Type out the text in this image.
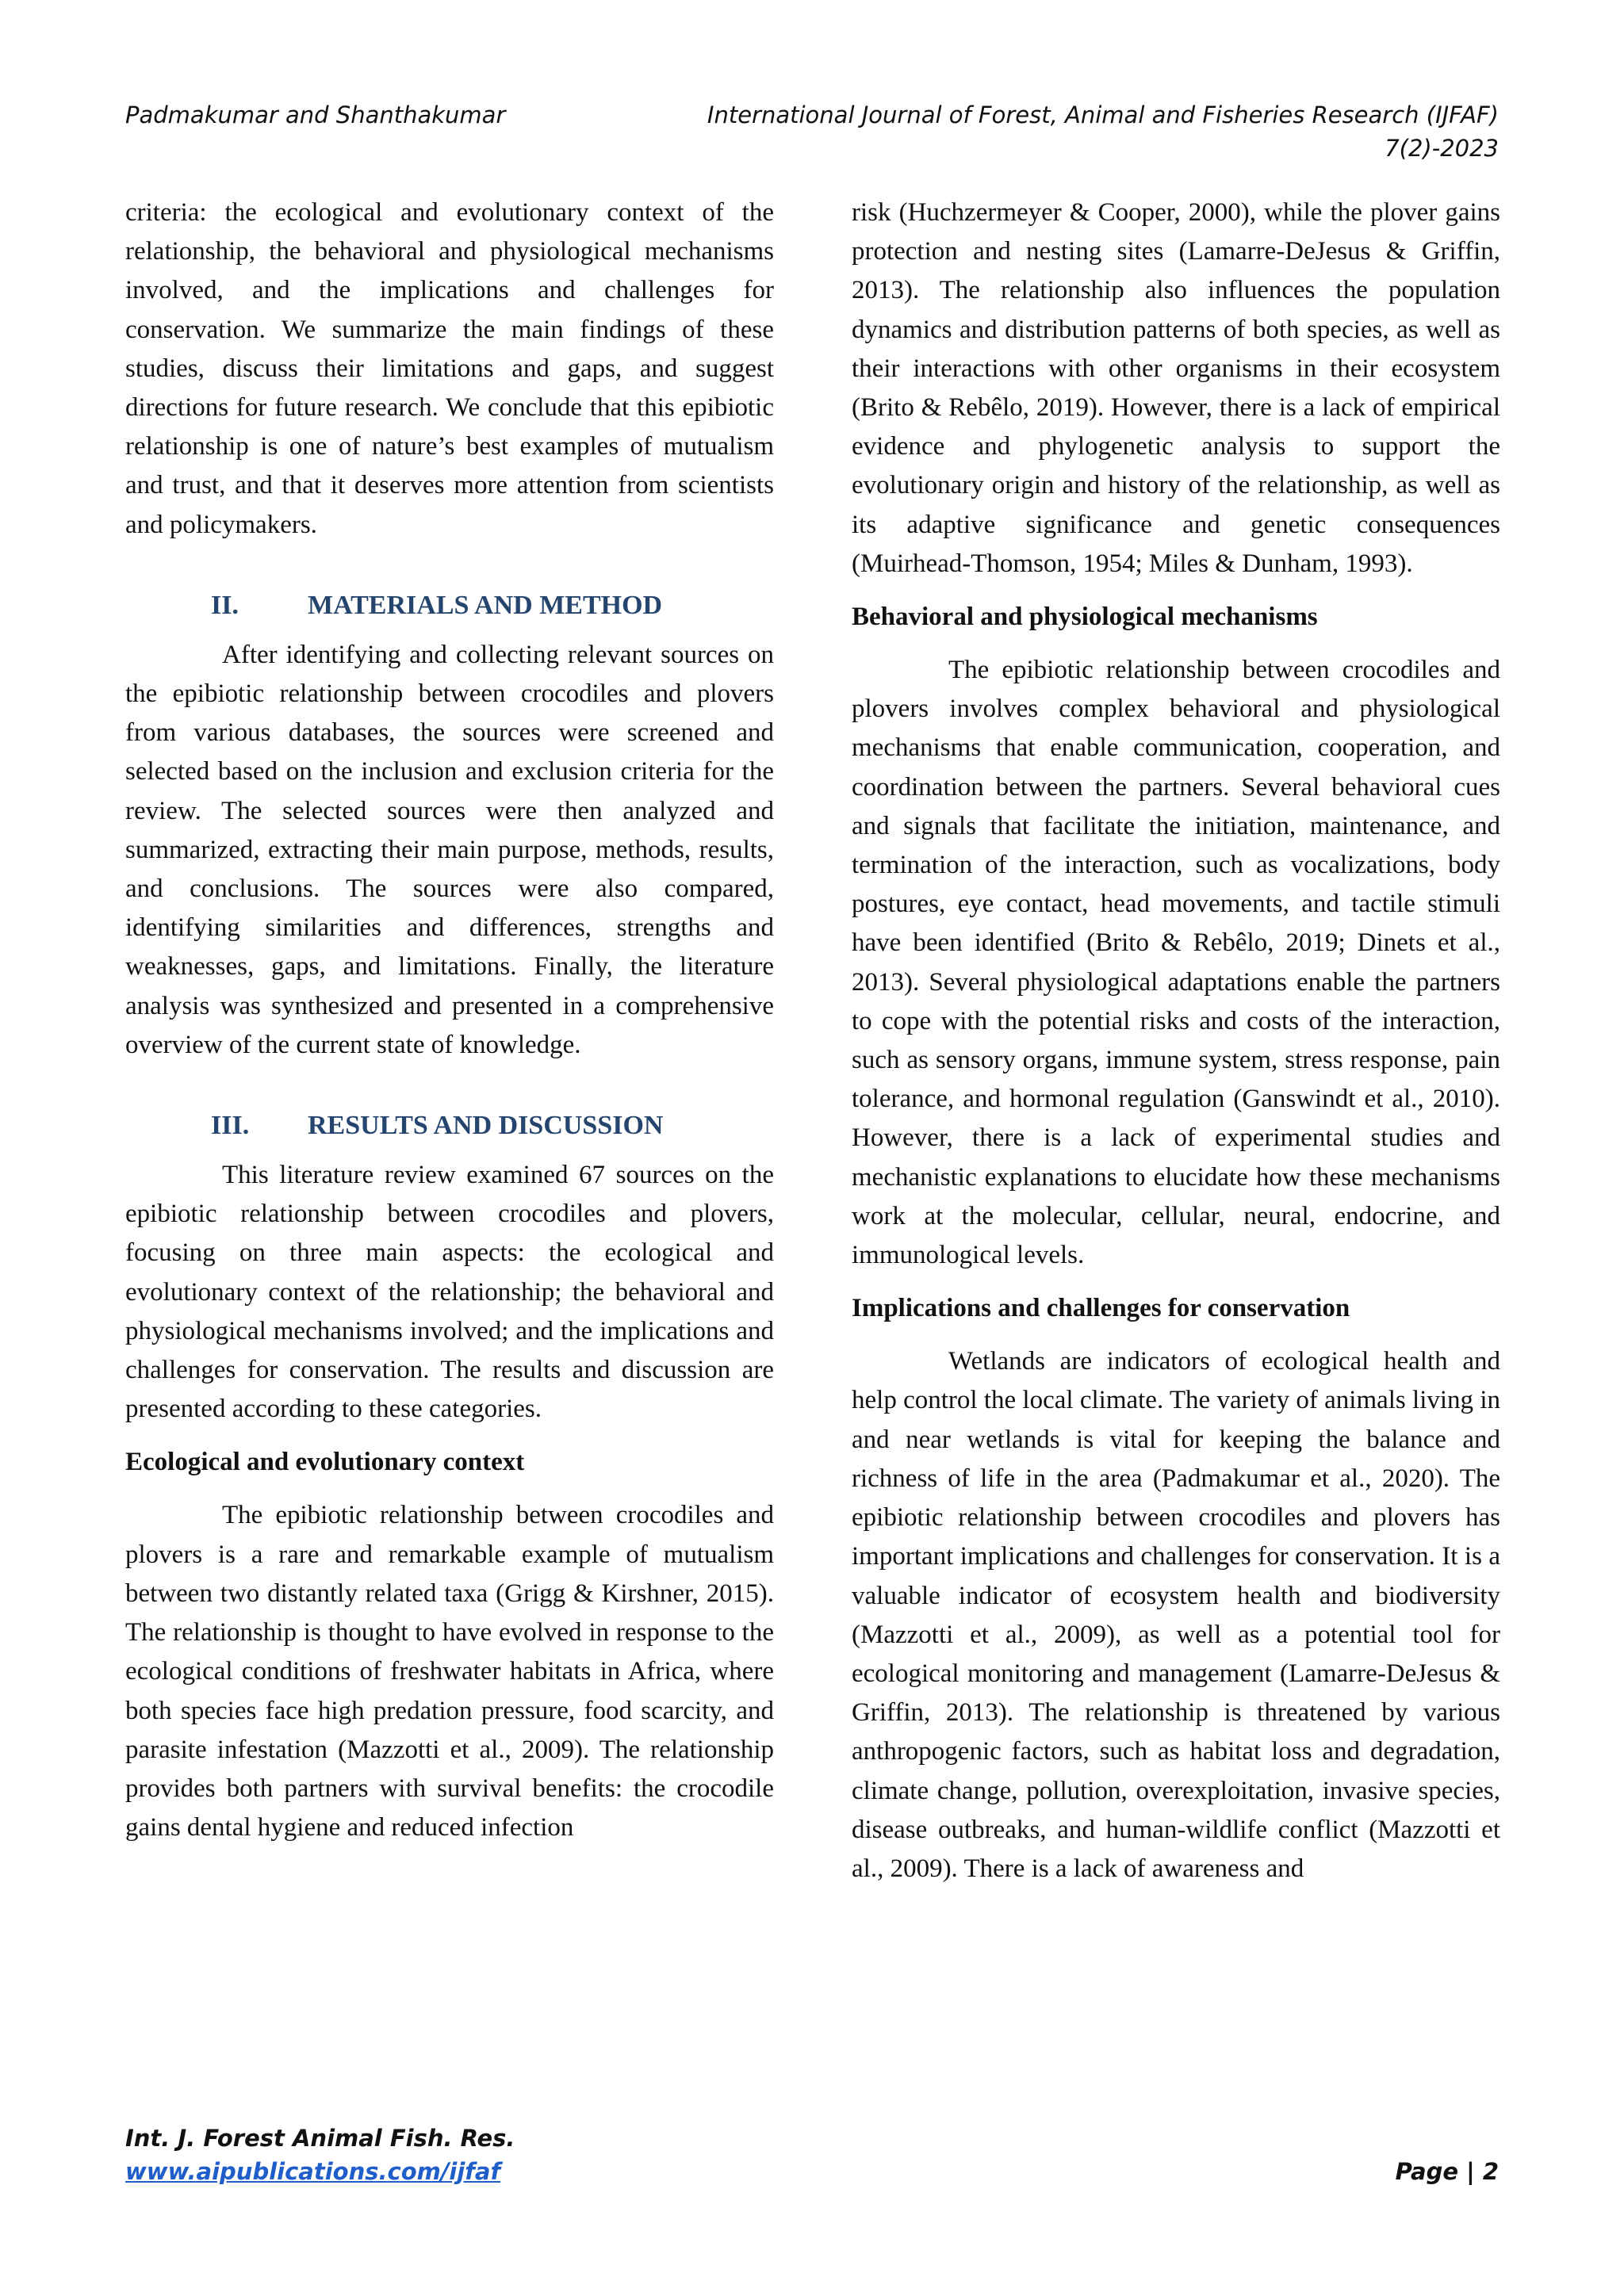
Padmakumar and Shanthakumar	International Journal of Forest, Animal and Fisheries Research (IJFAF)
7(2)-2023

criteria: the ecological and evolutionary context of the relationship, the behavioral and physiological mechanisms involved, and the implications and challenges for conservation. We summarize the main findings of these studies, discuss their limitations and gaps, and suggest directions for future research. We conclude that this epibiotic relationship is one of nature’s best examples of mutualism and trust, and that it deserves more attention from scientists and policymakers.

II.	MATERIALS AND METHOD

After identifying and collecting relevant sources on the epibiotic relationship between crocodiles and plovers from various databases, the sources were screened and selected based on the inclusion and exclusion criteria for the review. The selected sources were then analyzed and summarized, extracting their main purpose, methods, results, and conclusions. The sources were also compared, identifying similarities and differences, strengths and weaknesses, gaps, and limitations. Finally, the literature analysis was synthesized and presented in a comprehensive overview of the current state of knowledge.

III. RESULTS AND DISCUSSION

This literature review examined 67 sources on the epibiotic relationship between crocodiles and plovers, focusing on three main aspects: the ecological and evolutionary context of the relationship; the behavioral and physiological mechanisms involved; and the implications and challenges for conservation. The results and discussion are presented according to these categories.

Ecological and evolutionary context

The epibiotic relationship between crocodiles and plovers is a rare and remarkable example of mutualism between two distantly related taxa (Grigg & Kirshner, 2015). The relationship is thought to have evolved in response to the ecological conditions of freshwater habitats in Africa, where both species face high predation pressure, food scarcity, and parasite infestation (Mazzotti et al., 2009). The relationship provides both partners with survival benefits: the crocodile gains dental hygiene and reduced infection

risk (Huchzermeyer & Cooper, 2000), while the plover gains protection and nesting sites (Lamarre-DeJesus & Griffin, 2013). The relationship also influences the population dynamics and distribution patterns of both species, as well as their interactions with other organisms in their ecosystem (Brito & Rebêlo, 2019). However, there is a lack of empirical evidence and phylogenetic analysis to support the evolutionary origin and history of the relationship, as well as its adaptive significance and genetic consequences (Muirhead-Thomson, 1954; Miles & Dunham, 1993).

Behavioral and physiological mechanisms

The epibiotic relationship between crocodiles and plovers involves complex behavioral and physiological mechanisms that enable communication, cooperation, and coordination between the partners. Several behavioral cues and signals that facilitate the initiation, maintenance, and termination of the interaction, such as vocalizations, body postures, eye contact, head movements, and tactile stimuli have been identified (Brito & Rebêlo, 2019; Dinets et al., 2013). Several physiological adaptations enable the partners to cope with the potential risks and costs of the interaction, such as sensory organs, immune system, stress response, pain tolerance, and hormonal regulation (Ganswindt et al., 2010). However, there is a lack of experimental studies and mechanistic explanations to elucidate how these mechanisms work at the molecular, cellular, neural, endocrine, and immunological levels.

Implications and challenges for conservation

Wetlands are indicators of ecological health and help control the local climate. The variety of animals living in and near wetlands is vital for keeping the balance and richness of life in the area (Padmakumar et al., 2020). The epibiotic relationship between crocodiles and plovers has important implications and challenges for conservation. It is a valuable indicator of ecosystem health and biodiversity (Mazzotti et al., 2009), as well as a potential tool for ecological monitoring and management (Lamarre-DeJesus & Griffin, 2013). The relationship is threatened by various anthropogenic factors, such as habitat loss and degradation, climate change, pollution, overexploitation, invasive species, disease outbreaks, and human-wildlife conflict (Mazzotti et al., 2009). There is a lack of awareness and

Int. J. Forest Animal Fish. Res.
www.aipublications.com/ijfaf	Page | 2
